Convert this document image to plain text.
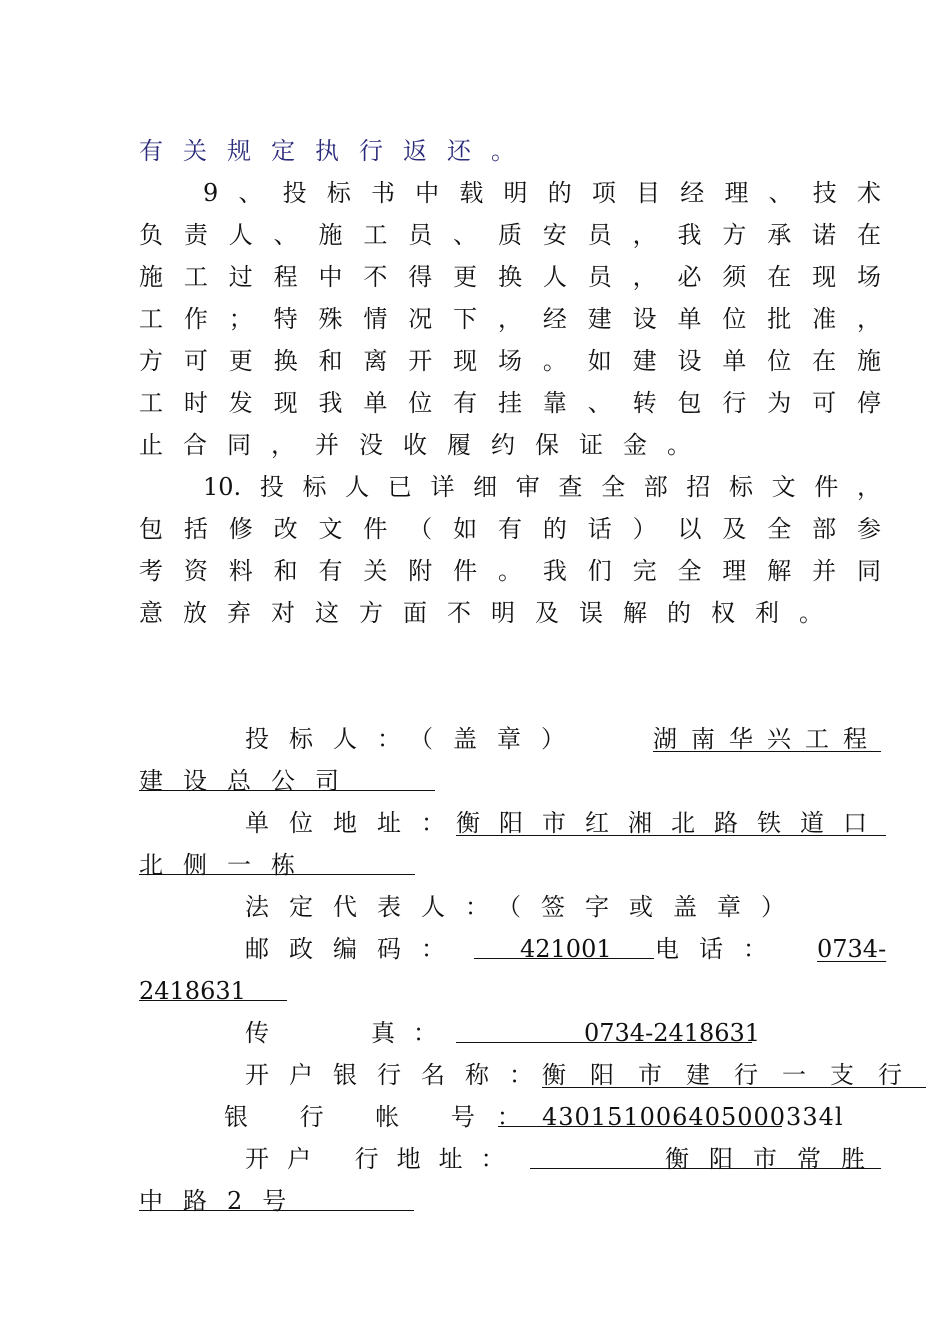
有关规定执行返还。
9、投标书中载明的项目经理、技术
负责人、施工员、质安员，我方承诺在
施工过程中不得更换人员，必须在现场
工作；特殊情况下，经建设单位批准，
方可更换和离开现场。如建设单位在施
工时发现我单位有挂靠、转包行为可停
止合同，并没收履约保证金。
10.投标人已详细审查全部招标文件，
包括修改文件（如有的话）以及全部参
考资料和有关附件。我们完全理解并同
意放弃对这方面不明及误解的权利。
投标人：（盖章）	湖南华兴工程
建设总公司
单位地址：
衡阳市红湘北路铁道口
北侧一栋
法定代表人：（签字或盖章）
邮政编码： 421001 电话： 0734-
2418631
传　　真：	0734-2418631
开户银行名称：
衡阳市建行一支行
银 行 帐 号： 430151006405000334l
开户 行地址：	衡阳市常胜
中路2号
